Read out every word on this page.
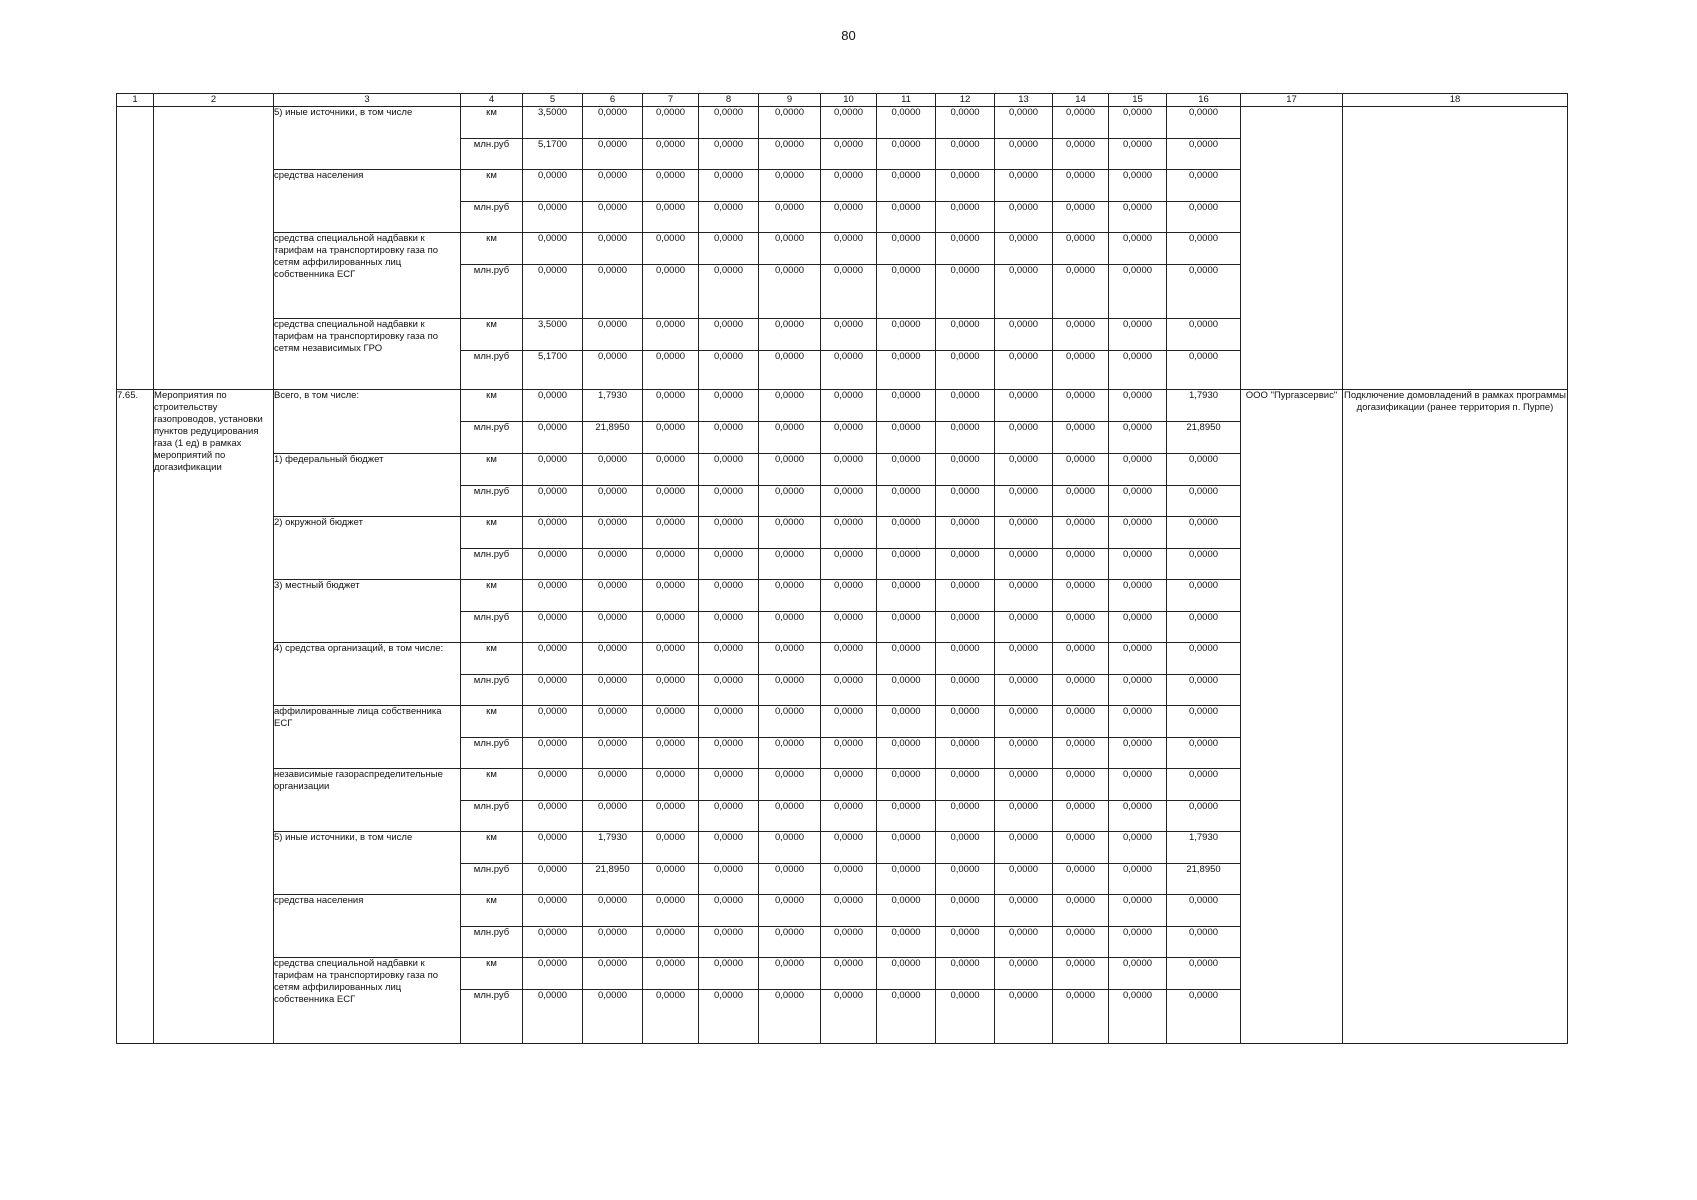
80
1	2	3	4	5	6	7	8	9	10	11	12	13	14	15	16	17	18
		5) иные источники, в том числе	км	3,5000	0,0000	0,0000	0,0000	0,0000	0,0000	0,0000	0,0000	0,0000	0,0000	0,0000	0,0000		
			млн.руб	5,1700	0,0000	0,0000	0,0000	0,0000	0,0000	0,0000	0,0000	0,0000	0,0000	0,0000	0,0000		
		средства населения	км	0,0000	0,0000	0,0000	0,0000	0,0000	0,0000	0,0000	0,0000	0,0000	0,0000	0,0000	0,0000		
			млн.руб	0,0000	0,0000	0,0000	0,0000	0,0000	0,0000	0,0000	0,0000	0,0000	0,0000	0,0000	0,0000		
		средства специальной надбавки к тарифам на транспортировку газа по сетям аффилированных лиц собственника ЕСГ	км	0,0000	0,0000	0,0000	0,0000	0,0000	0,0000	0,0000	0,0000	0,0000	0,0000	0,0000	0,0000		
			млн.руб	0,0000	0,0000	0,0000	0,0000	0,0000	0,0000	0,0000	0,0000	0,0000	0,0000	0,0000	0,0000		
		средства специальной надбавки к тарифам на транспортировку газа по сетям независимых ГРО	км	3,5000	0,0000	0,0000	0,0000	0,0000	0,0000	0,0000	0,0000	0,0000	0,0000	0,0000	0,0000		
			млн.руб	5,1700	0,0000	0,0000	0,0000	0,0000	0,0000	0,0000	0,0000	0,0000	0,0000	0,0000	0,0000		
7.65.	Мероприятия по строительству газопроводов, установки пунктов редуцирования газа (1 ед) в рамках мероприятий по догазификации	Всего, в том числе:	км	0,0000	1,7930	0,0000	0,0000	0,0000	0,0000	0,0000	0,0000	0,0000	0,0000	0,0000	1,7930	ООО "Пургазсервис"	Подключение домовладений в рамках программы догазификации (ранее территория п. Пурпе)
			млн.руб	0,0000	21,8950	0,0000	0,0000	0,0000	0,0000	0,0000	0,0000	0,0000	0,0000	0,0000	21,8950		
		1) федеральный бюджет	км	0,0000	0,0000	0,0000	0,0000	0,0000	0,0000	0,0000	0,0000	0,0000	0,0000	0,0000	0,0000		
			млн.руб	0,0000	0,0000	0,0000	0,0000	0,0000	0,0000	0,0000	0,0000	0,0000	0,0000	0,0000	0,0000		
		2) окружной бюджет	км	0,0000	0,0000	0,0000	0,0000	0,0000	0,0000	0,0000	0,0000	0,0000	0,0000	0,0000	0,0000		
			млн.руб	0,0000	0,0000	0,0000	0,0000	0,0000	0,0000	0,0000	0,0000	0,0000	0,0000	0,0000	0,0000		
		3) местный бюджет	км	0,0000	0,0000	0,0000	0,0000	0,0000	0,0000	0,0000	0,0000	0,0000	0,0000	0,0000	0,0000		
			млн.руб	0,0000	0,0000	0,0000	0,0000	0,0000	0,0000	0,0000	0,0000	0,0000	0,0000	0,0000	0,0000		
		4) средства организаций, в том числе:	км	0,0000	0,0000	0,0000	0,0000	0,0000	0,0000	0,0000	0,0000	0,0000	0,0000	0,0000	0,0000		
			млн.руб	0,0000	0,0000	0,0000	0,0000	0,0000	0,0000	0,0000	0,0000	0,0000	0,0000	0,0000	0,0000		
		аффилированные лица собственника ЕСГ	км	0,0000	0,0000	0,0000	0,0000	0,0000	0,0000	0,0000	0,0000	0,0000	0,0000	0,0000	0,0000		
			млн.руб	0,0000	0,0000	0,0000	0,0000	0,0000	0,0000	0,0000	0,0000	0,0000	0,0000	0,0000	0,0000		
		независимые газораспределительные организации	км	0,0000	0,0000	0,0000	0,0000	0,0000	0,0000	0,0000	0,0000	0,0000	0,0000	0,0000	0,0000		
			млн.руб	0,0000	0,0000	0,0000	0,0000	0,0000	0,0000	0,0000	0,0000	0,0000	0,0000	0,0000	0,0000		
		5) иные источники, в том числе	км	0,0000	1,7930	0,0000	0,0000	0,0000	0,0000	0,0000	0,0000	0,0000	0,0000	0,0000	1,7930		
			млн.руб	0,0000	21,8950	0,0000	0,0000	0,0000	0,0000	0,0000	0,0000	0,0000	0,0000	0,0000	21,8950		
		средства населения	км	0,0000	0,0000	0,0000	0,0000	0,0000	0,0000	0,0000	0,0000	0,0000	0,0000	0,0000	0,0000		
			млн.руб	0,0000	0,0000	0,0000	0,0000	0,0000	0,0000	0,0000	0,0000	0,0000	0,0000	0,0000	0,0000		
		средства специальной надбавки к тарифам на транспортировку газа по сетям аффилированных лиц собственника ЕСГ	км	0,0000	0,0000	0,0000	0,0000	0,0000	0,0000	0,0000	0,0000	0,0000	0,0000	0,0000	0,0000		
			млн.руб	0,0000	0,0000	0,0000	0,0000	0,0000	0,0000	0,0000	0,0000	0,0000	0,0000	0,0000	0,0000		
